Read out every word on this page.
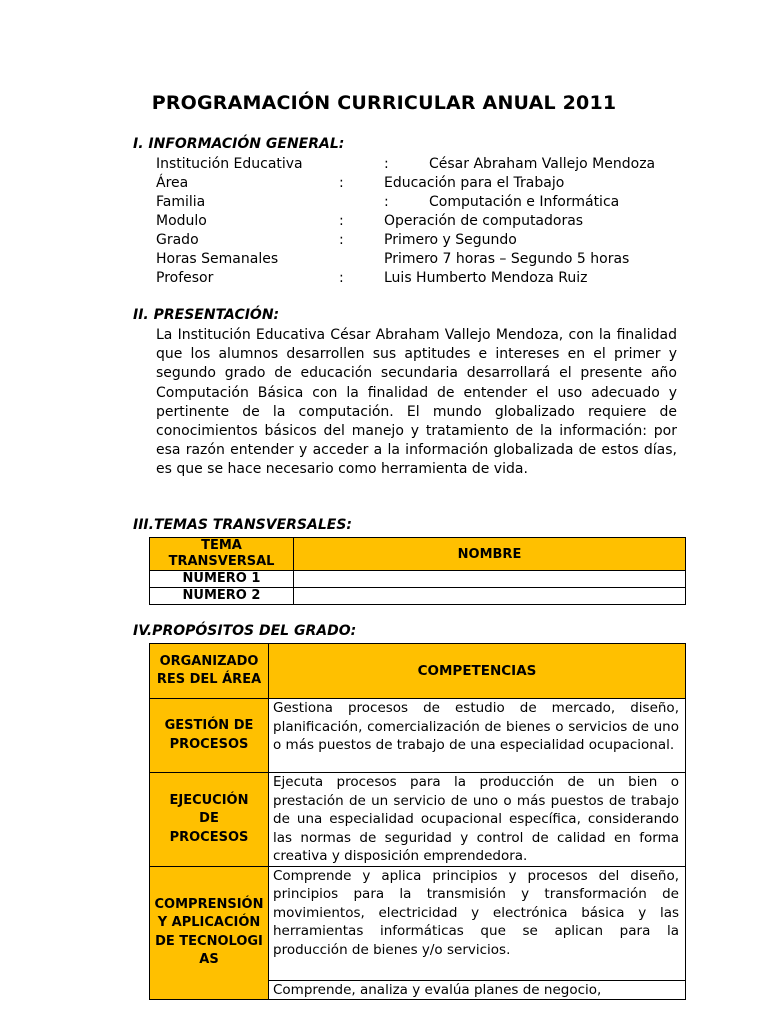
PROGRAMACIÓN CURRICULAR ANUAL 2011
I. INFORMACIÓN GENERAL:
Institución Educativa	:	César Abraham Vallejo Mendoza
Área	:	Educación para el Trabajo
Familia	:	Computación e Informática
Modulo	:	Operación de computadoras
Grado	:	Primero y Segundo
Horas Semanales	Primero 7 horas – Segundo 5 horas
Profesor	:	Luis Humberto Mendoza Ruiz
II. PRESENTACIÓN:
La Institución Educativa César Abraham Vallejo Mendoza, con la finalidad que los alumnos desarrollen sus aptitudes e intereses en el primer y segundo grado de educación secundaria desarrollará el presente año Computación Básica con la finalidad de entender el uso adecuado y pertinente de la computación. El mundo globalizado requiere de conocimientos básicos del manejo y tratamiento de la información: por esa razón entender y acceder a la información globalizada de estos días, es que se hace necesario como herramienta de vida.
III.TEMAS TRANSVERSALES:
TEMA TRANSVERSAL	NOMBRE
NUMERO 1	
NUMERO 2	
IV.PROPÓSITOS DEL GRADO:
ORGANIZADORES DEL ÁREA	COMPETENCIAS
GESTIÓN DE PROCESOS	Gestiona procesos de estudio de mercado, diseño, planificación, comercialización de bienes o servicios de uno o más puestos de trabajo de una especialidad ocupacional.
EJECUCIÓN DE PROCESOS	Ejecuta procesos para la producción de un bien o prestación de un servicio de uno o más puestos de trabajo de una especialidad ocupacional específica, considerando las normas de seguridad y control de calidad en forma creativa y disposición emprendedora.
COMPRENSIÓN Y APLICACIÓN DE TECNOLOGIAS	Comprende y aplica principios y procesos del diseño, principios para la transmisión y transformación de movimientos, electricidad y electrónica básica y las herramientas informáticas que se aplican para la producción de bienes y/o servicios.
	Comprende, analiza y evalúa planes de negocio,
